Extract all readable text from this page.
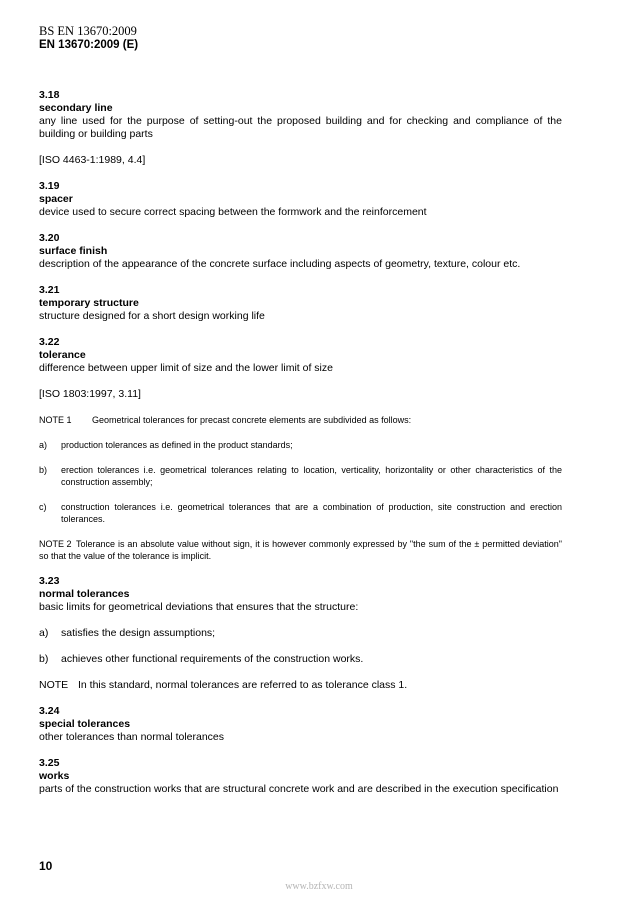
BS EN 13670:2009
EN 13670:2009 (E)
3.18
secondary line
any line used for the purpose of setting-out the proposed building and for checking and compliance of the building or building parts
[ISO 4463-1:1989, 4.4]
3.19
spacer
device used to secure correct spacing between the formwork and the reinforcement
3.20
surface finish
description of the appearance of the concrete surface including aspects of geometry, texture, colour etc.
3.21
temporary structure
structure designed for a short design working life
3.22
tolerance
difference between upper limit of size and the lower limit of size
[ISO 1803:1997, 3.11]
NOTE 1	Geometrical tolerances for precast concrete elements are subdivided as follows:
a)	production tolerances as defined in the product standards;
b)	erection tolerances i.e. geometrical tolerances relating to location, verticality, horizontality or other characteristics of the construction assembly;
c)	construction tolerances i.e. geometrical tolerances that are a combination of production, site construction and erection tolerances.
NOTE 2 Tolerance is an absolute value without sign, it is however commonly expressed by "the sum of the ± permitted deviation" so that the value of the tolerance is implicit.
3.23
normal tolerances
basic limits for geometrical deviations that ensures that the structure:
a)	satisfies the design assumptions;
b)	achieves other functional requirements of the construction works.
NOTE In this standard, normal tolerances are referred to as tolerance class 1.
3.24
special tolerances
other tolerances than normal tolerances
3.25
works
parts of the construction works that are structural concrete work and are described in the execution specification
10
www.bzfxw.com
